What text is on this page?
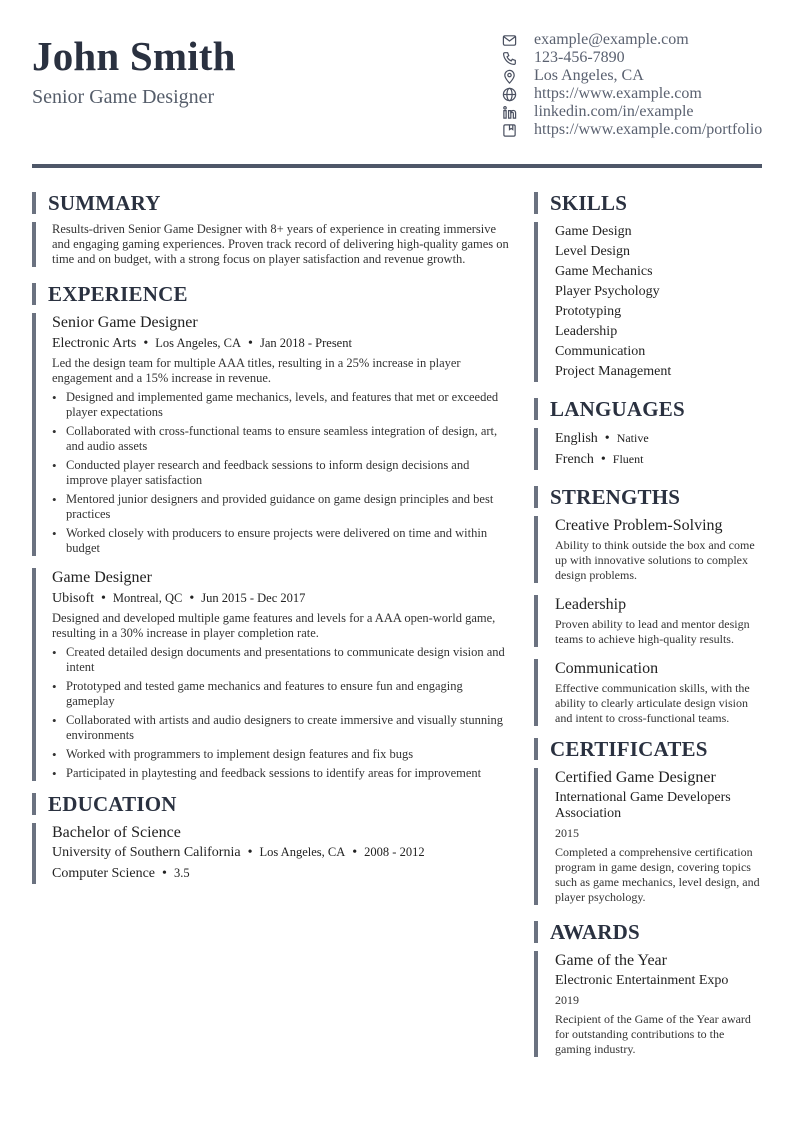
John Smith

Senior Game Designer

example@example.com
123-456-7890
Los Angeles, CA
https://www.example.com
linkedin.com/in/example
https://www.example.com/portfolio
SUMMARY

Results-driven Senior Game Designer with 8+ years of experience in creating immersive and engaging gaming experiences. Proven track record of delivering high-quality games on time and on budget, with a strong focus on player satisfaction and revenue growth.

EXPERIENCE
Senior Game Designer
Electronic Arts • Los Angeles, CA • Jan 2018 - Present

Led the design team for multiple AAA titles, resulting in a 25% increase in player engagement and a 15% increase in revenue.

• Designed and implemented game mechanics, levels, and features that met or exceeded player expectations
• Collaborated with cross-functional teams to ensure seamless integration of design, art, and audio assets
• Conducted player research and feedback sessions to inform design decisions and improve player satisfaction
• Mentored junior designers and provided guidance on game design principles and best practices
• Worked closely with producers to ensure projects were delivered on time and within budget
Game Designer
Ubisoft • Montreal, QC • Jun 2015 - Dec 2017

Designed and developed multiple game features and levels for a AAA open-world game, resulting in a 30% increase in player completion rate.

• Created detailed design documents and presentations to communicate design vision and intent
• Prototyped and tested game mechanics and features to ensure fun and engaging gameplay
• Collaborated with artists and audio designers to create immersive and visually stunning environments
• Worked with programmers to implement design features and fix bugs
• Participated in playtesting and feedback sessions to identify areas for improvement
EDUCATION
Bachelor of Science
University of Southern California • Los Angeles, CA • 2008 - 2012
Computer Science • 3.5
SKILLS
Game Design
Level Design
Game Mechanics
Player Psychology
Prototyping
Leadership
Communication
Project Management
LANGUAGES
English • Native
French • Fluent
STRENGTHS
Creative Problem-Solving
Ability to think outside the box and come up with innovative solutions to complex design problems.
Leadership
Proven ability to lead and mentor design teams to achieve high-quality results.
Communication
Effective communication skills, with the ability to clearly articulate design vision and intent to cross-functional teams.
CERTIFICATES
Certified Game Designer
International Game Developers Association
2015
Completed a comprehensive certification program in game design, covering topics such as game mechanics, level design, and player psychology.
AWARDS
Game of the Year
Electronic Entertainment Expo
2019
Recipient of the Game of the Year award for outstanding contributions to the gaming industry.
